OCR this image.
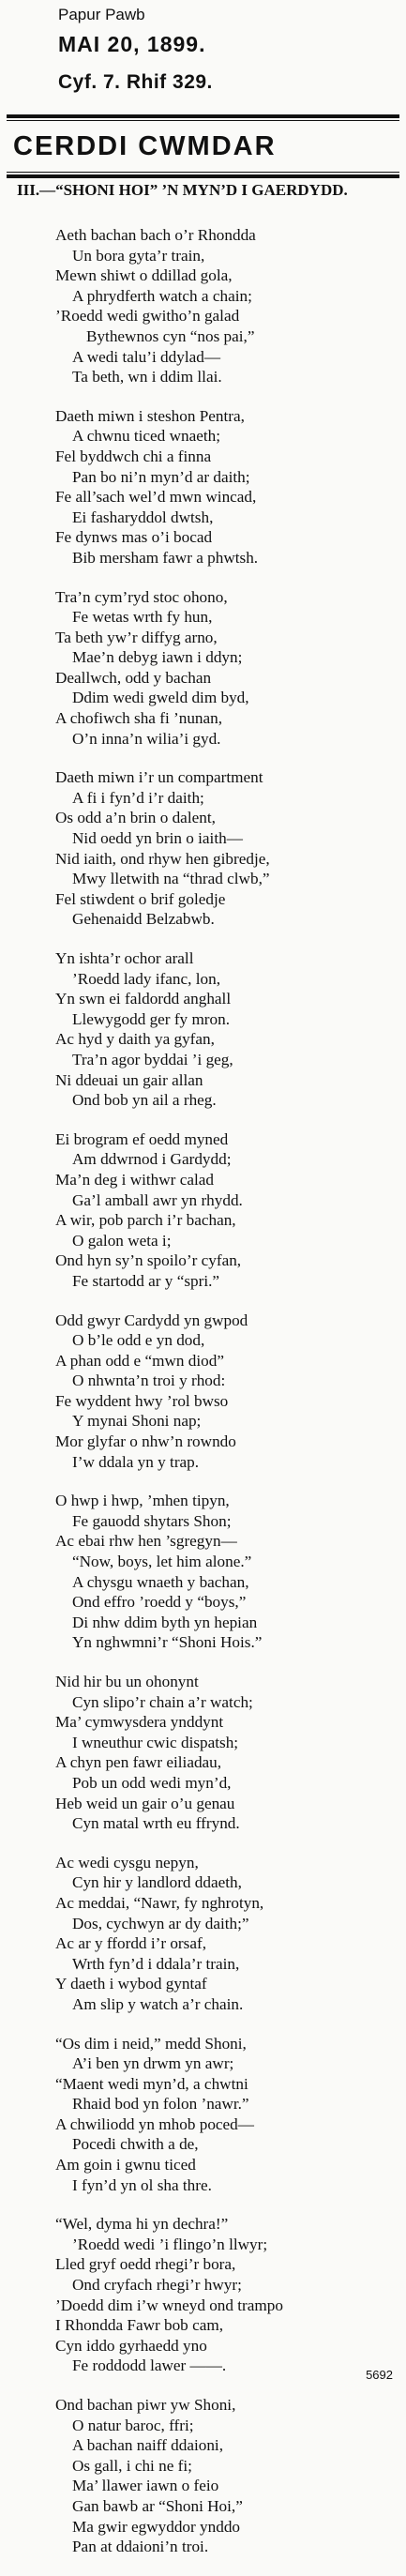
Papur Pawb
MAI 20, 1899.
Cyf. 7. Rhif 329.
CERDDI CWMDAR
III.—“SHONI HOI” ’N MYN’D I GAERDYDD.
Aeth bachan bach o’r Rhondda
Un bora gyta’r train,
Mewn shiwt o ddillad gola,
A phrydferth watch a chain;
’Roedd wedi gwitho’n galad
Bythewnos cyn “nos pai,”
A wedi talu’i ddylad—
Ta beth, wn i ddim llai.
Daeth miwn i steshon Pentra,
A chwnu ticed wnaeth;
Fel byddwch chi a finna
Pan bo ni’n myn’d ar daith;
Fe all’sach wel’d mwn wincad,
Ei fasharyddol dwtsh,
Fe dynws mas o’i bocad
Bib mersham fawr a phwtsh.
Tra’n cym’ryd stoc ohono,
Fe wetas wrth fy hun,
Ta beth yw’r diffyg arno,
Mae’n debyg iawn i ddyn;
Deallwch, odd y bachan
Ddim wedi gweld dim byd,
A chofiwch sha fi ’nunan,
O’n inna’n wilia’i gyd.
Daeth miwn i’r un compartment
A fi i fyn’d i’r daith;
Os odd a’n brin o dalent,
Nid oedd yn brin o iaith—
Nid iaith, ond rhyw hen gibredje,
Mwy lletwith na “thrad clwb,”
Fel stiwdent o brif goledje
Gehenaidd Belzabwb.
Yn ishta’r ochor arall
’Roedd lady ifanc, lon,
Yn swn ei faldordd anghall
Llewygodd ger fy mron.
Ac hyd y daith ya gyfan,
Tra’n agor byddai ’i geg,
Ni ddeuai un gair allan
Ond bob yn ail a rheg.
Ei brogram ef oedd myned
Am ddwrnod i Gardydd;
Ma’n deg i withwr calad
Ga’l amball awr yn rhydd.
A wir, pob parch i’r bachan,
O galon weta i;
Ond hyn sy’n spoilo’r cyfan,
Fe startodd ar y “spri.”
Odd gwyr Cardydd yn gwpod
O b’le odd e yn dod,
A phan odd e “mwn diod”
O nhwnta’n troi y rhod:
Fe wyddent hwy ’rol bwso
Y mynai Shoni nap;
Mor glyfar o nhw’n rowndo
I’w ddala yn y trap.
O hwp i hwp, ’mhen tipyn,
Fe gauodd shytars Shon;
Ac ebai rhw hen ’sgregyn—
“Now, boys, let him alone.”
A chysgu wnaeth y bachan,
Ond effro ’roedd y “boys,”
Di nhw ddim byth yn hepian
Yn nghwmni’r “Shoni Hois.”
Nid hir bu un ohonynt
Cyn slipo’r chain a’r watch;
Ma’ cymwysdera ynddynt
I wneuthur cwic dispatsh;
A chyn pen fawr eiliadau,
Pob un odd wedi myn’d,
Heb weid un gair o’u genau
Cyn matal wrth eu ffrynd.
Ac wedi cysgu nepyn,
Cyn hir y landlord ddaeth,
Ac meddai, “Nawr, fy nghrotyn,
Dos, cychwyn ar dy daith;”
Ac ar y ffordd i’r orsaf,
Wrth fyn’d i ddala’r train,
Y daeth i wybod gyntaf
Am slip y watch a’r chain.
“Os dim i neid,” medd Shoni,
A’i ben yn drwm yn awr;
“Maent wedi myn’d, a chwtni
Rhaid bod yn folon ’nawr.”
A chwiliodd yn mhob poced—
Pocedi chwith a de,
Am goin i gwnu ticed
I fyn’d yn ol sha thre.
“Wel, dyma hi yn dechra!”
’Roedd wedi ’i flingo’n llwyr;
Lled gryf oedd rhegi’r bora,
Ond cryfach rhegi’r hwyr;
’Doedd dim i’w wneyd ond trampo
I Rhondda Fawr bob cam,
Cyn iddo gyrhaedd yno
Fe roddodd lawer ——.
Ond bachan piwr yw Shoni,
O natur baroc, ffri;
A bachan naiff ddaioni,
Os gall, i chi ne fi;
Ma’ llawer iawn o feio
Gan bawb ar “Shoni Hoi,”
Ma gwir egwyddor ynddo
Pan at ddaioni’n troi.
5692
